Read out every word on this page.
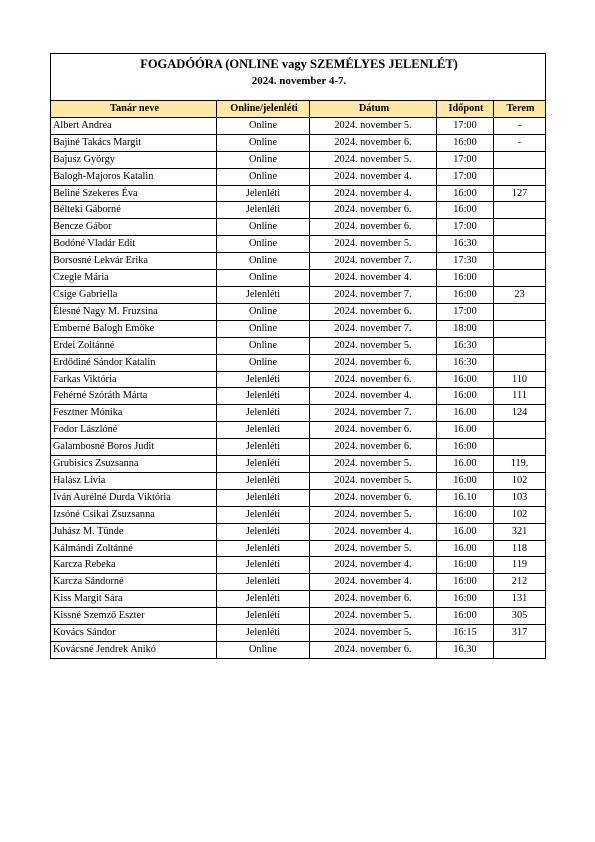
FOGADÓÓRA (ONLINE vagy SZEMÉLYES JELENLÉT)				
2024. november 4-7.				
Tanár neve	Online/jelenléti	Dátum	Időpont	Terem
Albert Andrea	Online	2024. november 5.	17:00	-
Bajiné Takács Margit	Online	2024. november 6.	16:00	-
Bajusz György	Online	2024. november 5.	17:00	
Balogh-Majoros Katalin	Online	2024. november 4.	17:00	
Beliné Szekeres Éva	Jelenléti	2024. november 4.	16:00	127
Bélteki Gáborné	Jelenléti	2024. november 6.	16:00	
Bencze Gábor	Online	2024. november 6.	17:00	
Bodóné Vladár Edit	Online	2024. november 5.	16:30	
Borsosné Lekvár Erika	Online	2024. november 7.	17:30	
Czegle Mária	Online	2024. november 4.	16:00	
Csige Gabriella	Jelenléti	2024. november 7.	16:00	23
Élesné Nagy M. Fruzsina	Online	2024. november 6.	17:00	
Emberné Balogh Emőke	Online	2024. november 7.	18:00	
Erdei Zoltánné	Online	2024. november 5.	16:30	
Erdődiné Sándor Katalin	Online	2024. november 6.	16:30	
Farkas Viktória	Jelenléti	2024. november 6.	16:00	110
Fehérné Szóráth Márta	Jelenléti	2024. november 4.	16:00	111
Fesztner Mónika	Jelenléti	2024. november 7.	16.00	124
Fodor Lászlóné	Jelenléti	2024. november 6.	16.00	
Galambosné Boros Judit	Jelenléti	2024. november 6.	16:00	
Grubisics Zsuzsanna	Jelenléti	2024. november 5.	16.00	119.
Halász Lívia	Jelenléti	2024. november 5.	16:00	102
Iván Aurélné Durda Viktória	Jelenléti	2024. november 6.	16.10	103
Izsóné Csikai Zsuzsanna	Jelenléti	2024. november 5.	16:00	102
Juhász M. Tünde	Jelenléti	2024. november 4.	16.00	321
Kálmándi Zoltánné	Jelenléti	2024. november 5.	16.00	118
Karcza Rebeka	Jelenléti	2024. november 4.	16:00	119
Karcza Sándorné	Jelenléti	2024. november 4.	16:00	212
Kiss Margit Sára	Jelenléti	2024. november 6.	16:00	131
Kissné Szemző Eszter	Jelenléti	2024. november 5.	16:00	305
Kovács Sándor	Jelenléti	2024. november 5.	16:15	317
Kovácsné Jendrek Anikó	Online	2024. november 6.	16.30	
